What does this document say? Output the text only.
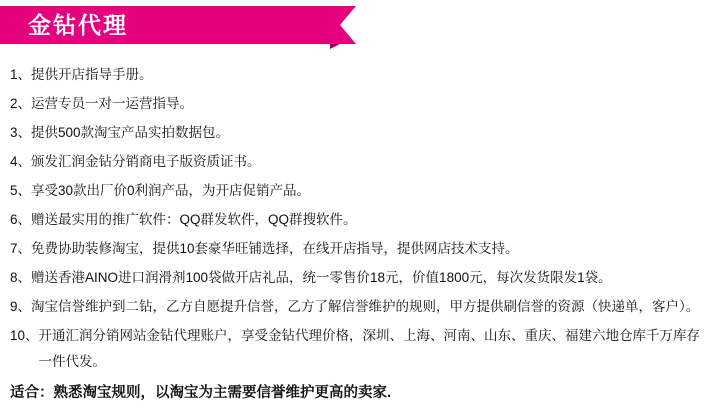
金钻代理
1、 提供开店指导手册。
2、 运营专员一对一运营指导。
3、 提供500款淘宝产品实拍数据包。
4、 颁发汇润金钻分销商电子版资质证书。
5、 享受30款出厂价0利润产品，为开店促销产品。
6、 赠送最实用的推广软件：QQ群发软件，QQ群搜软件。
7、 免费协助装修淘宝，提供10套豪华旺铺选择，在线开店指导，提供网店技术支持。
8、 赠送香港AINO进口润滑剂100袋做开店礼品，统一零售价18元，价值1800元，每次发货限发1袋。
9、 淘宝信誉维护到二钻，乙方自愿提升信誉，乙方了解信誉维护的规则，甲方提供刷信誉的资源（快递单，客户）。
10、 开通汇润分销网站金钻代理账户，享受金钻代理价格，深圳、上海、河南、山东、重庆、福建六地仓库千万库存一件代发。
适合：熟悉淘宝规则，以淘宝为主需要信誉维护更高的卖家.
